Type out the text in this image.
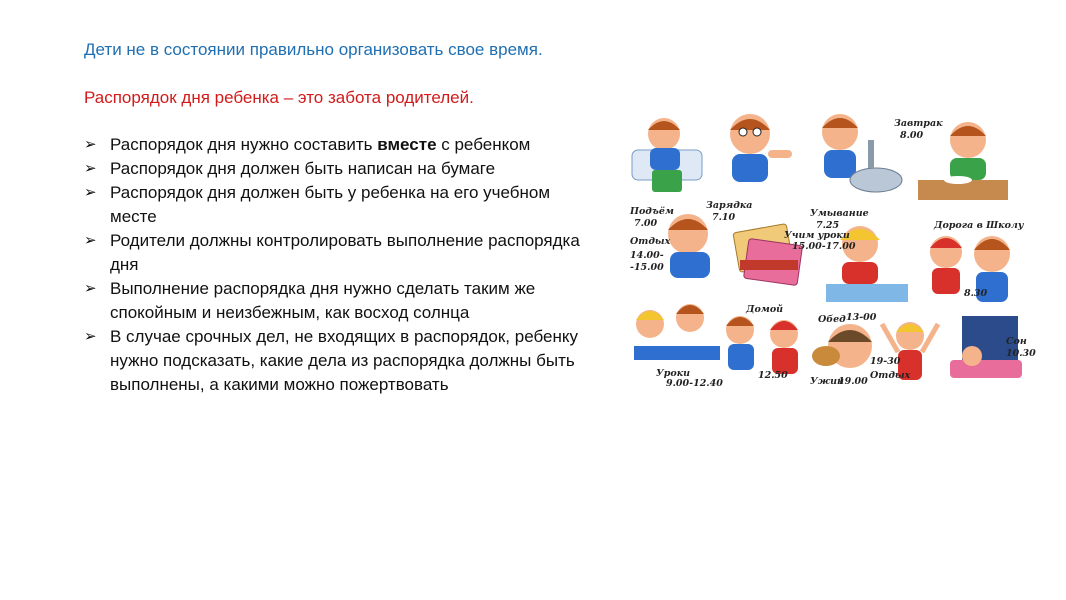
Дети не в состоянии правильно организовать свое время.
Распорядок дня ребенка – это забота родителей.
➢ Распорядок дня нужно составить вместе с ребенком
➢ Распорядок дня должен быть написан на бумаге
➢ Распорядок дня должен быть у ребенка на его учебном месте
➢ Родители должны контролировать выполнение распорядка дня
➢ Выполнение распорядка дня нужно сделать таким же спокойным и неизбежным, как восход солнца
➢ В случае срочных дел, не входящих в распорядок, ребенку нужно подсказать, какие дела из распорядка должны быть выполнены, а какими можно пожертвовать
Завтрак
8.00
Подъём
7.00
Зарядка
7.10	Умывание
7.25	Дорога в Школу
8.30
Учим уроки
15.00-17.00
Отдых
14.00-
-15.00
Домой
12.50
Обед 13-00
Сон
10.30
Уроки
9.00-12.40	Ужин
19.00
19-30
Отдых
